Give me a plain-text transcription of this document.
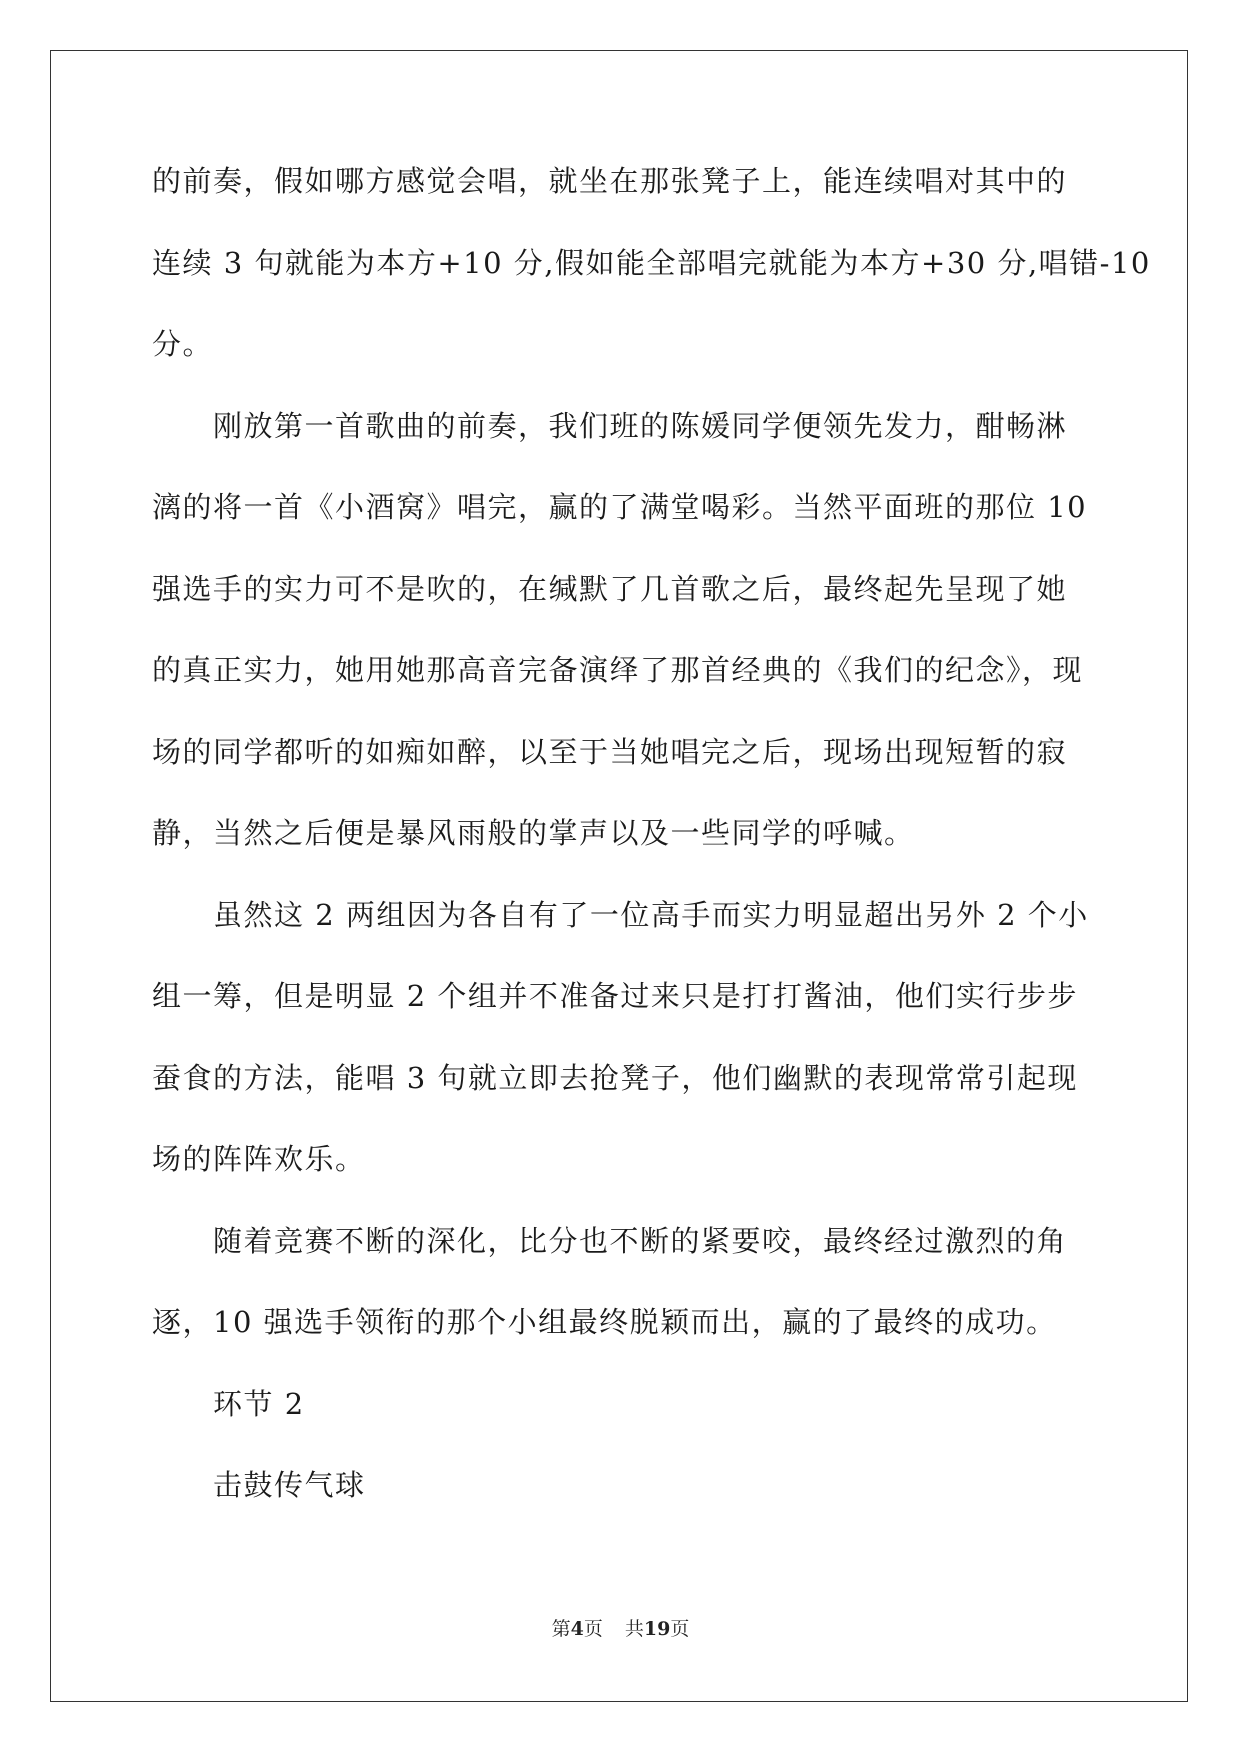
的前奏，假如哪方感觉会唱，就坐在那张凳子上，能连续唱对其中的
连续 3 句就能为本方+10 分,假如能全部唱完就能为本方+30 分,唱错-10
分。
　　刚放第一首歌曲的前奏，我们班的陈媛同学便领先发力，酣畅淋
漓的将一首《小酒窝》唱完，赢的了满堂喝彩。当然平面班的那位 10
强选手的实力可不是吹的，在缄默了几首歌之后，最终起先呈现了她
的真正实力，她用她那高音完备演绎了那首经典的《我们的纪念》，现
场的同学都听的如痴如醉，以至于当她唱完之后，现场出现短暂的寂
静，当然之后便是暴风雨般的掌声以及一些同学的呼喊。
　　虽然这 2 两组因为各自有了一位高手而实力明显超出另外 2 个小
组一筹，但是明显 2 个组并不准备过来只是打打酱油，他们实行步步
蚕食的方法，能唱 3 句就立即去抢凳子，他们幽默的表现常常引起现
场的阵阵欢乐。
　　随着竞赛不断的深化，比分也不断的紧要咬，最终经过激烈的角
逐，10 强选手领衔的那个小组最终脱颖而出，赢的了最终的成功。
　　环节 2
　　击鼓传气球
第4页 共19页
